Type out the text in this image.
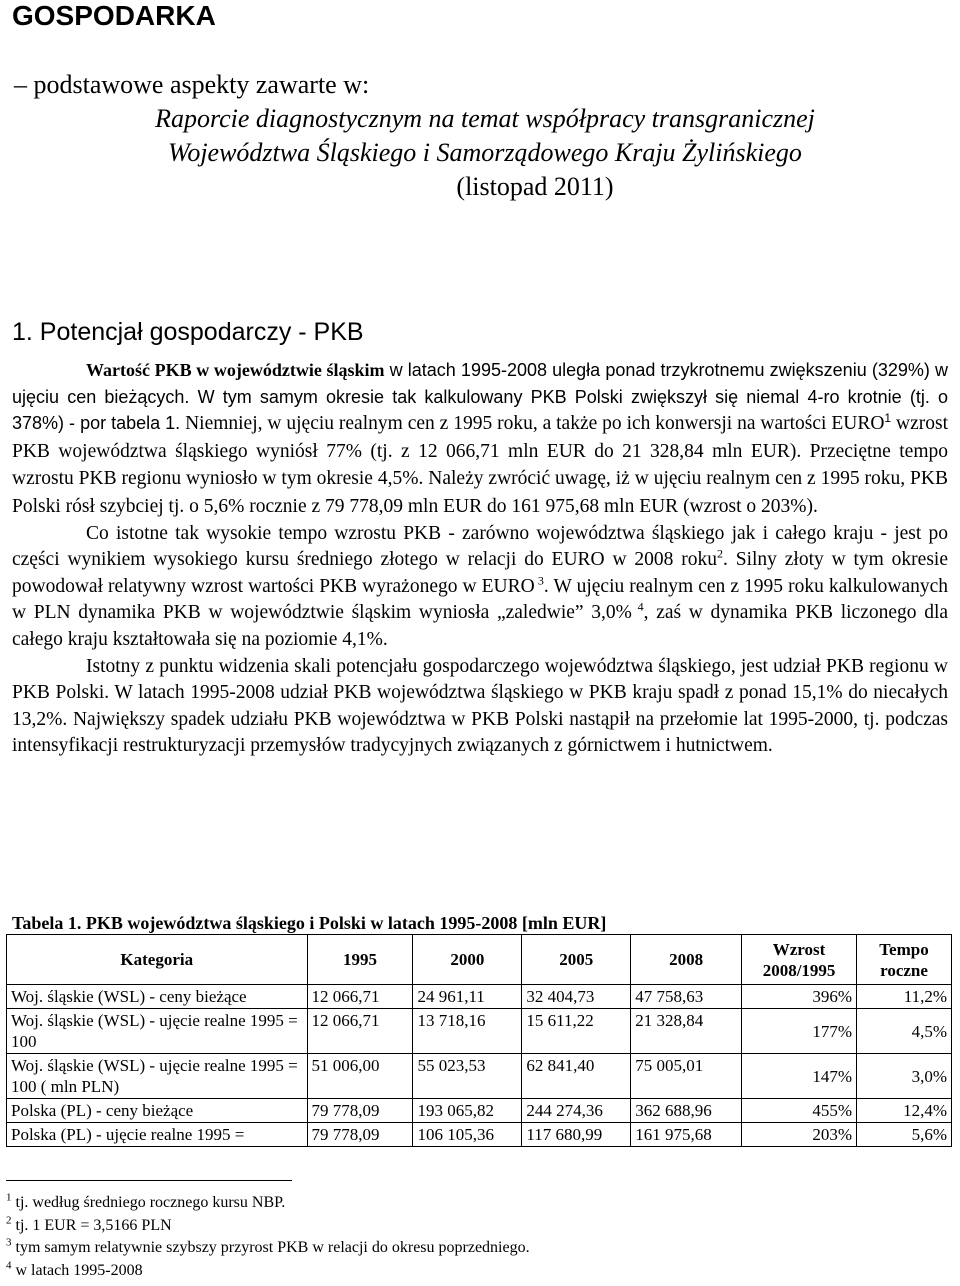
GOSPODARKA
– podstawowe aspekty zawarte w:
Raporcie diagnostycznym na temat współpracy transgranicznej
Województwa Śląskiego i Samorządowego Kraju Żylińskiego
(listopad 2011)
1. Potencjał gospodarczy - PKB

Wartość PKB w województwie śląskim w latach 1995-2008 uległa ponad trzykrotnemu zwiększeniu (329%) w ujęciu cen bieżących. W tym samym okresie tak kalkulowany PKB Polski zwiększył się niemal 4-ro krotnie (tj. o 378%) - por tabela 1. Niemniej, w ujęciu realnym cen z 1995 roku, a także po ich konwersji na wartości EURO$^1$ wzrost PKB województwa śląskiego wyniósł 77% (tj. z 12 066,71 mln EUR do 21 328,84 mln EUR). Przeciętne tempo wzrostu PKB regionu wyniosło w tym okresie 4,5%. Należy zwrócić uwagę, iż w ujęciu realnym cen z 1995 roku, PKB Polski rósł szybciej tj. o 5,6% rocznie z 79 778,09 mln EUR do 161 975,68 mln EUR (wzrost o 203%).

Co istotne tak wysokie tempo wzrostu PKB - zarówno województwa śląskiego jak i całego kraju - jest po części wynikiem wysokiego kursu średniego złotego w relacji do EURO w 2008 roku$^2$. Silny złoty w tym okresie powodował relatywny wzrost wartości PKB wyrażonego w EURO $^3$. W ujęciu realnym cen z 1995 roku kalkulowanych w PLN dynamika PKB w województwie śląskim wyniosła „zaledwie” 3,0% $^4$, zaś w dynamika PKB liczonego dla całego kraju kształtowała się na poziomie 4,1%.

Istotny z punktu widzenia skali potencjału gospodarczego województwa śląskiego, jest udział PKB regionu w PKB Polski. W latach 1995-2008 udział PKB województwa śląskiego w PKB kraju spadł z ponad 15,1% do niecałych 13,2%. Największy spadek udziału PKB województwa w PKB Polski nastąpił na przełomie lat 1995-2000, tj. podczas intensyfikacji restrukturyzacji przemysłów tradycyjnych związanych z górnictwem i hutnictwem.

Tabela 1. PKB województwa śląskiego i Polski w latach 1995-2008 [mln EUR]
Kategoria	1995	2000	2005	2008	Wzrost 2008/1995	Tempo roczne
Woj. śląskie (WSL) - ceny bieżące	12 066,71	24 961,11	32 404,73	47 758,63	396%	11,2%
Woj. śląskie (WSL) - ujęcie realne 1995 = 100	12 066,71	13 718,16	15 611,22	21 328,84	177%	4,5%
Woj. śląskie (WSL) - ujęcie realne 1995 = 100 ( mln PLN)	51 006,00	55 023,53	62 841,40	75 005,01	147%	3,0%
Polska (PL) - ceny bieżące	79 778,09	193 065,82	244 274,36	362 688,96	455%	12,4%
Polska (PL) - ujęcie realne 1995 =	79 778,09	106 105,36	117 680,99	161 975,68	203%	5,6%
$^1$ tj. według średniego rocznego kursu NBP.
$^2$ tj. 1 EUR = 3,5166 PLN
$^3$ tym samym relatywnie szybszy przyrost PKB w relacji do okresu poprzedniego.
$^4$ w latach 1995-2008
